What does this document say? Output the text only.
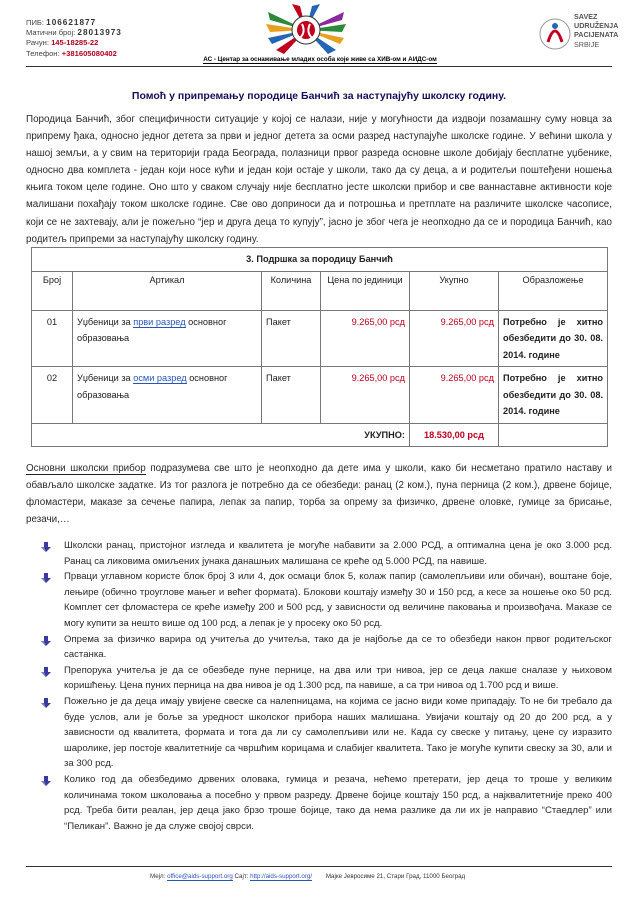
ПИБ: 106621877
Матични број: 28013973
Рачун: 145-18285-22
Телефон: +381605080402
АС - Центар за оснаживање младих особа које живе са ХИВ-ом и АИДС-ом
SAVEZ
UDRUŽENJA
PACIJENATA
SRBIJE
Помоћ у припремању породице Банчић за наступајућу школску годину.
Породица Банчић, због специфичности ситуације у којој се налази, није у могућности да издвоји позамашну суму новца за припрему ђака, односно једног детета за први и једног детета за осми разред наступајуће школске године. У већини школа у нашој земљи, а у свим на територији града Београда, полазници првог разреда основне школе добијају бесплатне уџбенике, односно два комплета - један који носе кући и један који остаје у школи, тако да су деца, а и родитељи поштеђени ношења књига током целе године. Оно што у сваком случају није бесплатно јесте школски прибор и све ваннаставне активности које малишани похађају током школске године. Све ово доприноси да и потрошња и претплате на различите школске часописе, који се не захтевају, али је пожељно “јер и друга деца то купују”, јасно је због чега је неопходно да се и породица Банчић, као родитељ припреми за наступајућу школску годину.
3. Подршка за породицу Банчић					
Број	Артикал	Количина	Цена по јединици	Укупно	Образложење
01	Уџбеници за први разред основног образовања	Пакет	9.265,00 рсд	9.265,00 рсд	Потребно је хитно обезбедити до 30. 08. 2014. године
02	Уџбеници за осми разред основног образовања	Пакет	9.265,00 рсд	9.265,00 рсд	Потребно је хитно обезбедити до 30. 08. 2014. године
УКУПНО:				18.530,00 рсд	
Основни школски прибор подразумева све што је неопходно да дете има у школи, како би несметано пратило наставу и обављало школске задатке. Из тог разлога је потребно да се обезбеди: ранац (2 ком.), пуна перница (2 ком.), дрвене бојице, фломастери, маказе за сечење папира, лепак за папир, торба за опрему за физичко, дрвене оловке, гумице за брисање, резачи,…
Школски ранац, пристојног изгледа и квалитета је могуће набавити за 2.000 РСД, а оптимална цена је око 3.000 рсд. Ранац са ликовима омиљених јунака данашњих малишана се креће од 5.000 РСД, па навише.
Прваци углавном користе блок број 3 или 4, док осмаци блок 5, колаж папир (самолепљиви или обичан), воштане боје, лењире (обично троуглове мањег и већег формата). Блокови коштају између 30 и 150 рсд, а кесе за ношење око 50 рсд. Комплет сет фломастера се креће између 200 и 500 рсд, у зависности од величине паковања и произвођача. Маказе се могу купити за нешто више од 100 рсд, а лепак је у просеку око 50 рсд.
Опрема за физичко варира од учитеља до учитеља, тако да је најбоље да се то обезбеди након првог родитељског састанка.
Препорука учитеља је да се обезбеде пуне пернице, на два или три нивоа, јер се деца лакше сналазе у њиховом коришћењу. Цена пуних перница на два нивоа је од 1.300 рсд, па навише, а са три нивоа од 1.700 рсд и више.
Пожељно је да деца имају увијене свеске са налепницама, на којима се јасно види коме припадају. То не би требало да буде услов, али је боље за уредност школског прибора наших малишана. Увијачи коштају од 20 до 200 рсд, а у зависности од квалитета, формата и тога да ли су самолепљиви или не. Када су свеске у питању, цене су изразито шаролике, јер постоје квалитетније са чвршћим корицама и слабијег квалитета. Тако је могуће купити свеску за 30, али и за 300 рсд.
Колико год да обезбедимо дрвених оловака, гумица и резача, нећемо претерати, јер деца то троше у великим количинама током школовања а посебно у првом разреду. Дрвене бојице коштају 150 рсд, а најквалитетније преко 400 рсд. Треба бити реалан, јер деца јако брзо троше бојице, тако да нема разлике да ли их је направио “Стаедлер” или “Пеликан”. Важно је да служе својој сврси.
Мејл: office@aids-support.org Сајт: http://aids-support.org/ Мајке Јевросиме 21, Стари Град, 11000 Београд
